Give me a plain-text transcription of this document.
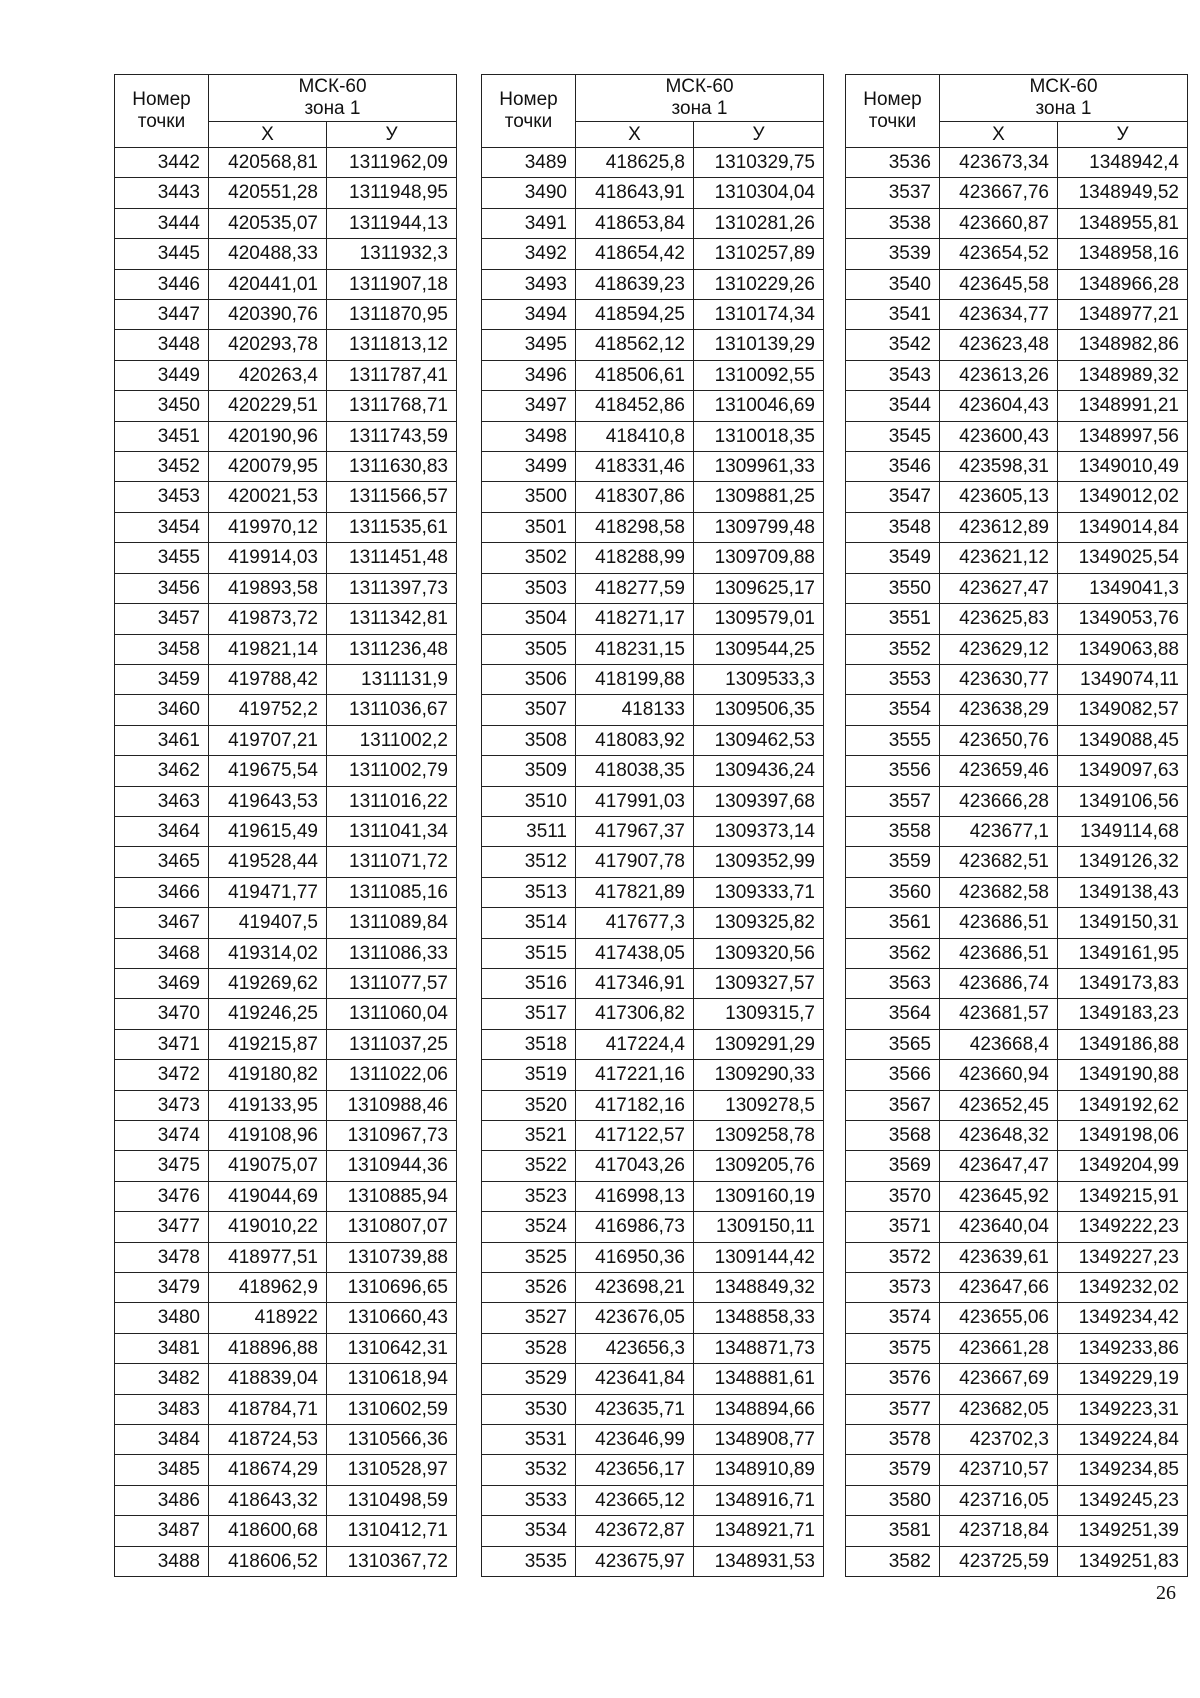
Номер
точки	МСК-60
зона 1	

	Х	У
3442	420568,81	1311962,09
3443	420551,28	1311948,95
3444	420535,07	1311944,13
3445	420488,33	1311932,3
3446	420441,01	1311907,18
3447	420390,76	1311870,95
3448	420293,78	1311813,12
3449	420263,4	1311787,41
3450	420229,51	1311768,71
3451	420190,96	1311743,59
3452	420079,95	1311630,83
3453	420021,53	1311566,57
3454	419970,12	1311535,61
3455	419914,03	1311451,48
3456	419893,58	1311397,73
3457	419873,72	1311342,81
3458	419821,14	1311236,48
3459	419788,42	1311131,9
3460	419752,2	1311036,67
3461	419707,21	1311002,2
3462	419675,54	1311002,79
3463	419643,53	1311016,22
3464	419615,49	1311041,34
3465	419528,44	1311071,72
3466	419471,77	1311085,16
3467	419407,5	1311089,84
3468	419314,02	1311086,33
3469	419269,62	1311077,57
3470	419246,25	1311060,04
3471	419215,87	1311037,25
3472	419180,82	1311022,06
3473	419133,95	1310988,46
3474	419108,96	1310967,73
3475	419075,07	1310944,36
3476	419044,69	1310885,94
3477	419010,22	1310807,07
3478	418977,51	1310739,88
3479	418962,9	1310696,65
3480	418922	1310660,43
3481	418896,88	1310642,31
3482	418839,04	1310618,94
3483	418784,71	1310602,59
3484	418724,53	1310566,36
3485	418674,29	1310528,97
3486	418643,32	1310498,59
3487	418600,68	1310412,71
3488	418606,52	1310367,72
Номер
точки	МСК-60
зона 1	

	Х	У
3489	418625,8	1310329,75
3490	418643,91	1310304,04
3491	418653,84	1310281,26
3492	418654,42	1310257,89
3493	418639,23	1310229,26
3494	418594,25	1310174,34
3495	418562,12	1310139,29
3496	418506,61	1310092,55
3497	418452,86	1310046,69
3498	418410,8	1310018,35
3499	418331,46	1309961,33
3500	418307,86	1309881,25
3501	418298,58	1309799,48
3502	418288,99	1309709,88
3503	418277,59	1309625,17
3504	418271,17	1309579,01
3505	418231,15	1309544,25
3506	418199,88	1309533,3
3507	418133	1309506,35
3508	418083,92	1309462,53
3509	418038,35	1309436,24
3510	417991,03	1309397,68
3511	417967,37	1309373,14
3512	417907,78	1309352,99
3513	417821,89	1309333,71
3514	417677,3	1309325,82
3515	417438,05	1309320,56
3516	417346,91	1309327,57
3517	417306,82	1309315,7
3518	417224,4	1309291,29
3519	417221,16	1309290,33
3520	417182,16	1309278,5
3521	417122,57	1309258,78
3522	417043,26	1309205,76
3523	416998,13	1309160,19
3524	416986,73	1309150,11
3525	416950,36	1309144,42
3526	423698,21	1348849,32
3527	423676,05	1348858,33
3528	423656,3	1348871,73
3529	423641,84	1348881,61
3530	423635,71	1348894,66
3531	423646,99	1348908,77
3532	423656,17	1348910,89
3533	423665,12	1348916,71
3534	423672,87	1348921,71
3535	423675,97	1348931,53
Номер
точки	МСК-60
зона 1	

	Х	У
3536	423673,34	1348942,4
3537	423667,76	1348949,52
3538	423660,87	1348955,81
3539	423654,52	1348958,16
3540	423645,58	1348966,28
3541	423634,77	1348977,21
3542	423623,48	1348982,86
3543	423613,26	1348989,32
3544	423604,43	1348991,21
3545	423600,43	1348997,56
3546	423598,31	1349010,49
3547	423605,13	1349012,02
3548	423612,89	1349014,84
3549	423621,12	1349025,54
3550	423627,47	1349041,3
3551	423625,83	1349053,76
3552	423629,12	1349063,88
3553	423630,77	1349074,11
3554	423638,29	1349082,57
3555	423650,76	1349088,45
3556	423659,46	1349097,63
3557	423666,28	1349106,56
3558	423677,1	1349114,68
3559	423682,51	1349126,32
3560	423682,58	1349138,43
3561	423686,51	1349150,31
3562	423686,51	1349161,95
3563	423686,74	1349173,83
3564	423681,57	1349183,23
3565	423668,4	1349186,88
3566	423660,94	1349190,88
3567	423652,45	1349192,62
3568	423648,32	1349198,06
3569	423647,47	1349204,99
3570	423645,92	1349215,91
3571	423640,04	1349222,23
3572	423639,61	1349227,23
3573	423647,66	1349232,02
3574	423655,06	1349234,42
3575	423661,28	1349233,86
3576	423667,69	1349229,19
3577	423682,05	1349223,31
3578	423702,3	1349224,84
3579	423710,57	1349234,85
3580	423716,05	1349245,23
3581	423718,84	1349251,39
3582	423725,59	1349251,83
26
